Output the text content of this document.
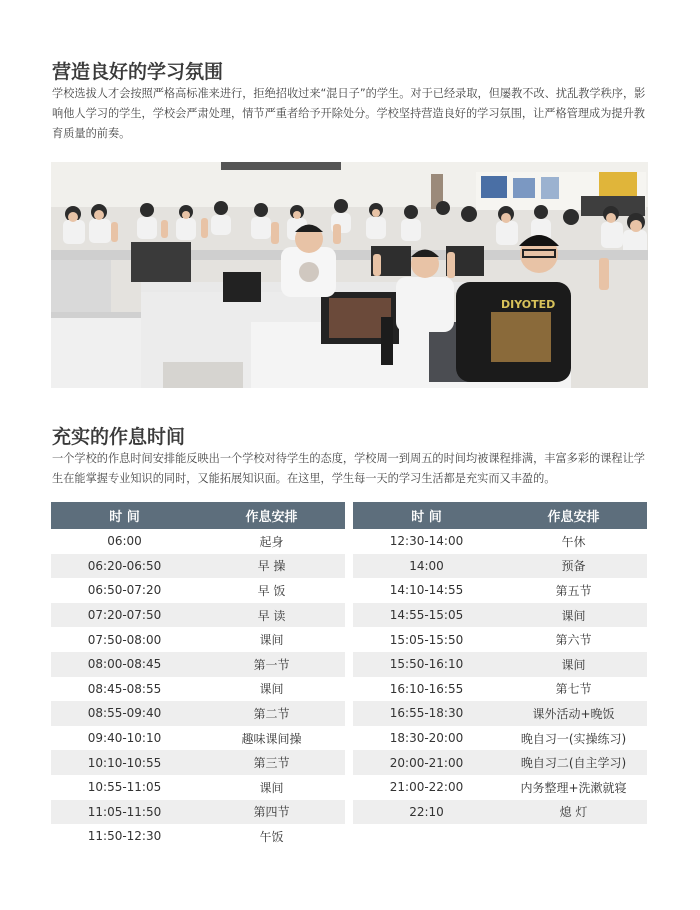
营造良好的学习氛围

学校选拔人才会按照严格高标准来进行，拒绝招收过来“混日子”的学生。对于已经录取，但屡教不改、扰乱教学秩序，影响他人学习的学生，学校会严肃处理，情节严重者给予开除处分。学校坚持营造良好的学习氛围，让严格管理成为提升教育质量的前奏。

DIYOTED
充实的作息时间

一个学校的作息时间安排能反映出一个学校对待学生的态度，学校周一到周五的时间均被课程排满，丰富多彩的课程让学生在能掌握专业知识的同时，又能拓展知识面。在这里，学生每一天的学习生活都是充实而又丰盈的。

时 间	作息安排
06:00	起身
06:20-06:50	早 操
06:50-07:20	早 饭
07:20-07:50	早 读
07:50-08:00	课间
08:00-08:45	第一节
08:45-08:55	课间
08:55-09:40	第二节
09:40-10:10	趣味课间操
10:10-10:55	第三节
10:55-11:05	课间
11:05-11:50	第四节
11:50-12:30	午饭
时 间	作息安排
12:30-14:00	午休
14:00	预备
14:10-14:55	第五节
14:55-15:05	课间
15:05-15:50	第六节
15:50-16:10	课间
16:10-16:55	第七节
16:55-18:30	课外活动+晚饭
18:30-20:00	晚自习一(实操练习)
20:00-21:00	晚自习二(自主学习)
21:00-22:00	内务整理+洗漱就寝
22:10	熄 灯
